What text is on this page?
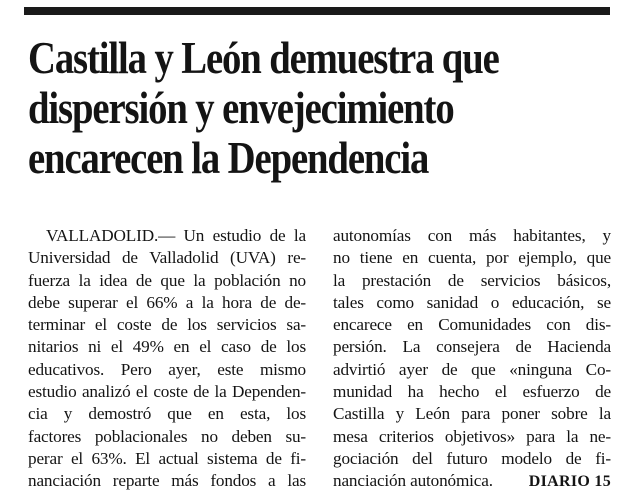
Castilla y León demuestra que
dispersión y envejecimiento
encarecen la Dependencia
VALLADOLID.— Un estudio de la
Universidad de Valladolid (UVA) re-
fuerza la idea de que la población no
debe superar el 66% a la hora de de-
terminar el coste de los servicios sa-
nitarios ni el 49% en el caso de los
educativos. Pero ayer, este mismo
estudio analizó el coste de la Dependen-
cia y demostró que en esta, los
factores poblacionales no deben su-
perar el 63%. El actual sistema de fi-
nanciación reparte más fondos a las
autonomías con más habitantes, y
no tiene en cuenta, por ejemplo, que
la prestación de servicios básicos,
tales como sanidad o educación, se
encarece en Comunidades con dis-
persión. La consejera de Hacienda
advirtió ayer de que «ninguna Co-
munidad ha hecho el esfuerzo de
Castilla y León para poner sobre la
mesa criterios objetivos» para la ne-
gociación del futuro modelo de fi-
nanciación autonómica. DIARIO 15
